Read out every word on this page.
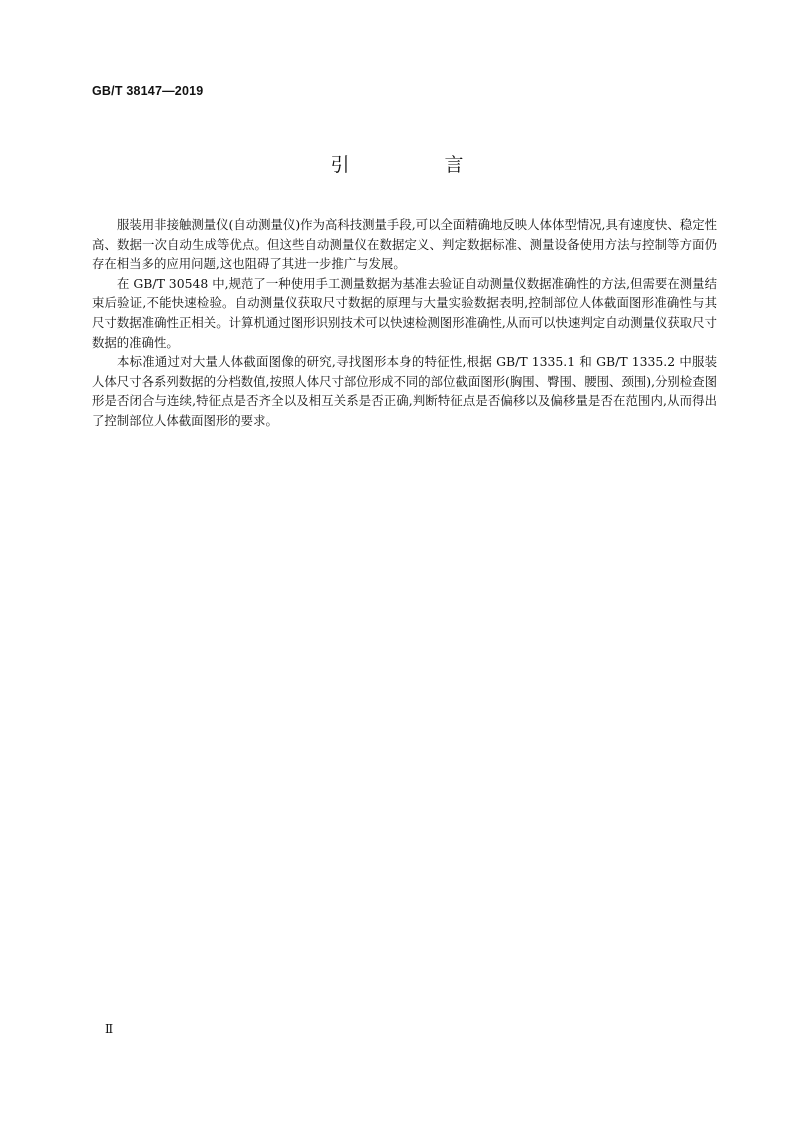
GB/T 38147—2019
引　言

服装用非接触测量仪(自动测量仪)作为高科技测量手段,可以全面精确地反映人体体型情况,具有速度快、稳定性高、数据一次自动生成等优点。但这些自动测量仪在数据定义、判定数据标准、测量设备使用方法与控制等方面仍存在相当多的应用问题,这也阻碍了其进一步推广与发展。

在 GB/T 30548 中,规范了一种使用手工测量数据为基准去验证自动测量仪数据准确性的方法,但需要在测量结束后验证,不能快速检验。自动测量仪获取尺寸数据的原理与大量实验数据表明,控制部位人体截面图形准确性与其尺寸数据准确性正相关。计算机通过图形识别技术可以快速检测图形准确性,从而可以快速判定自动测量仪获取尺寸数据的准确性。

本标准通过对大量人体截面图像的研究,寻找图形本身的特征性,根据 GB/T 1335.1 和 GB/T 1335.2 中服装人体尺寸各系列数据的分档数值,按照人体尺寸部位形成不同的部位截面图形(胸围、臀围、腰围、颈围),分别检查图形是否闭合与连续,特征点是否齐全以及相互关系是否正确,判断特征点是否偏移以及偏移量是否在范围内,从而得出了控制部位人体截面图形的要求。

Ⅱ
